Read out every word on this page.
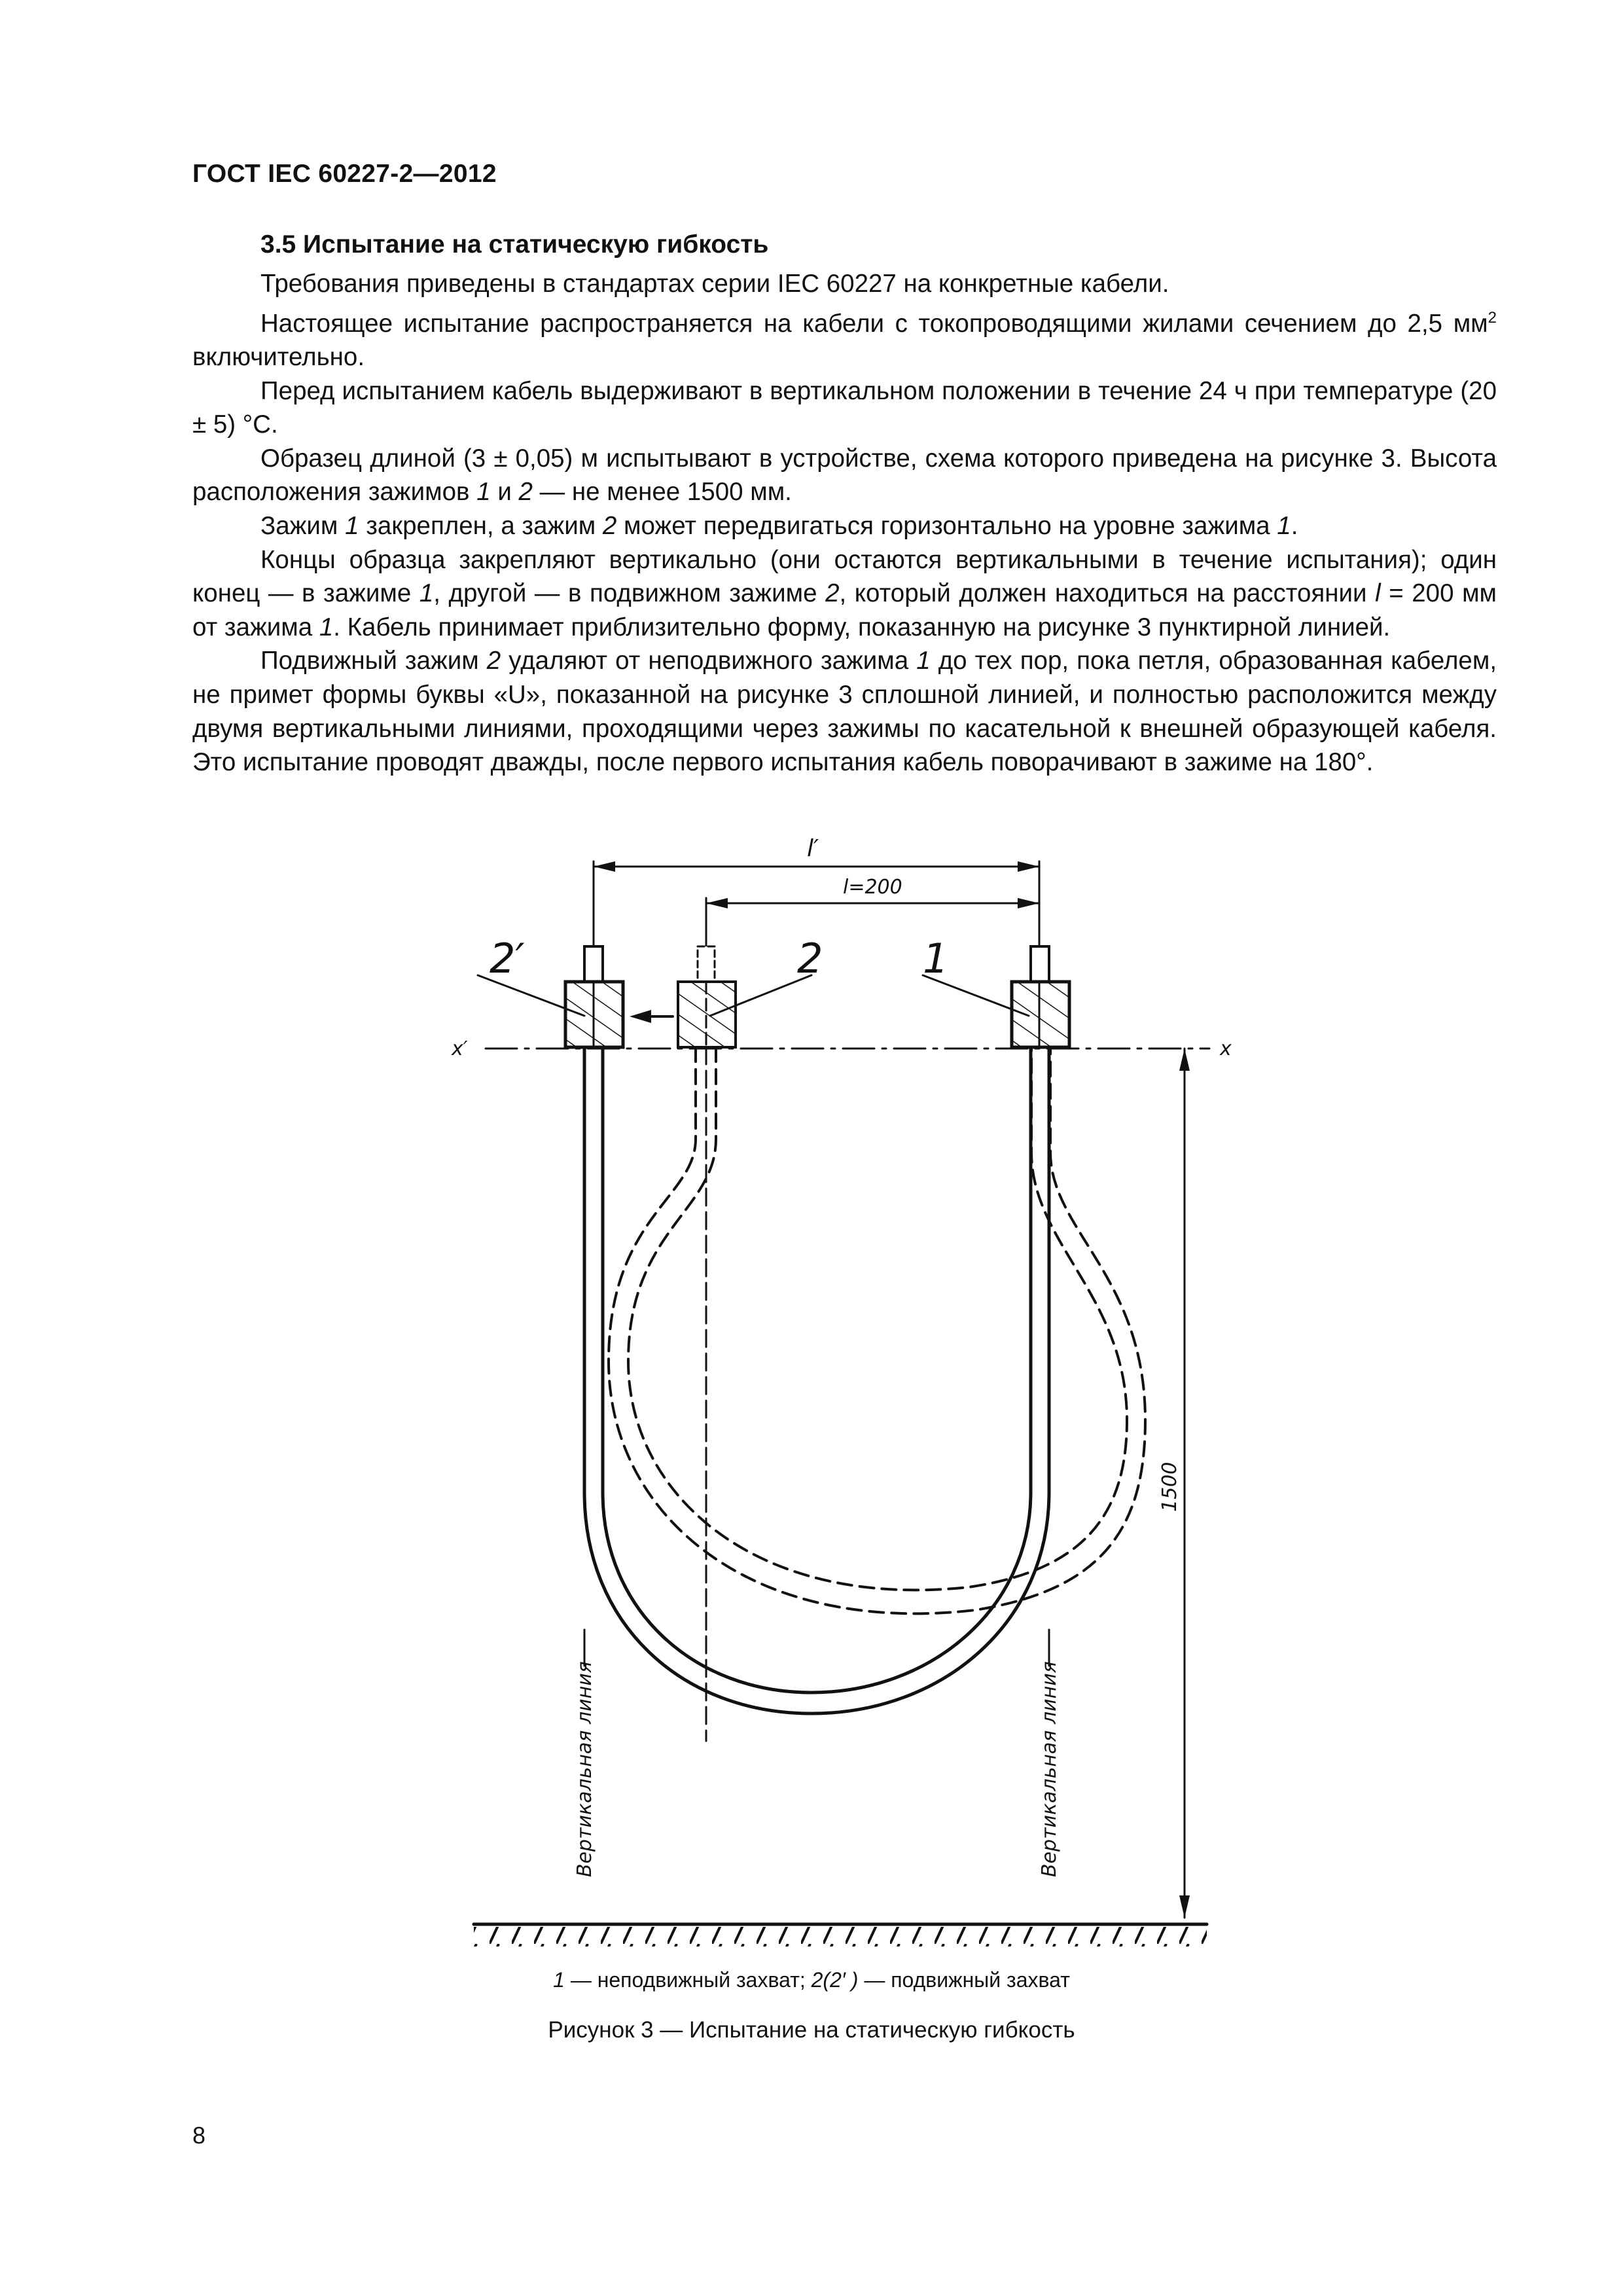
ГОСТ IEC 60227-2—2012
3.5 Испытание на статическую гибкость

Требования приведены в стандартах серии IEC 60227 на конкретные кабели.

Настоящее испытание распространяется на кабели с токопроводящими жилами сечением до 2,5 $мм^2$ включительно.

Перед испытанием кабель выдерживают в вертикальном положении в течение 24 ч при температуре (20 ± 5) °С.

Образец длиной (3 ± 0,05) м испытывают в устройстве, схема которого приведена на рисунке 3. Высота расположения зажимов 1 и 2 — не менее 1500 мм.

Зажим 1 закреплен, а зажим 2 может передвигаться горизонтально на уровне зажима 1.

Концы образца закрепляют вертикально (они остаются вертикальными в течение испытания); один конец — в зажиме 1, другой — в подвижном зажиме 2, который должен находиться на расстоянии l = 200 мм от зажима 1. Кабель принимает приблизительно форму, показанную на рисунке 3 пунктирной линией.

Подвижный зажим 2 удаляют от неподвижного зажима 1 до тех пор, пока петля, образованная кабелем, не примет формы буквы «U», показанной на рисунке 3 сплошной линией, и полностью расположится между двумя вертикальными линиями, проходящими через зажимы по касательной к внешней образующей кабеля. Это испытание проводят дважды, после первого испытания кабель поворачивают в зажиме на 180°.

l′
l=200
2′	2 1
x′	x
1500
Вертикальная линия	Вертикальная линия
1 — неподвижный захват; 2(2′ ) — подвижный захват
Рисунок 3 — Испытание на статическую гибкость
8
